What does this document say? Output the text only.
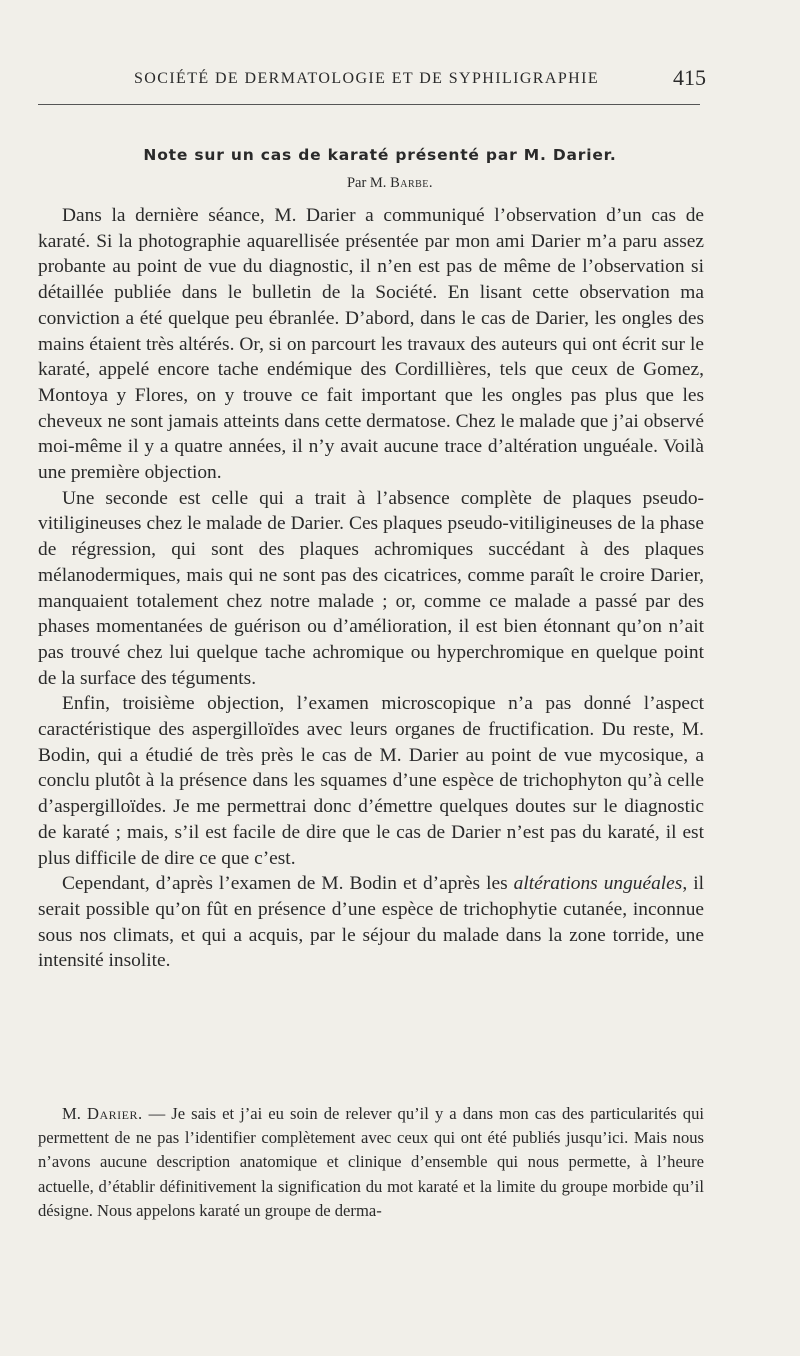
SOCIÉTÉ DE DERMATOLOGIE ET DE SYPHILIGRAPHIE	415
Note sur un cas de karaté présenté par M. Darier.
Par M. Barbe.

Dans la dernière séance, M. Darier a communiqué l’observation d’un cas de karaté. Si la photographie aquarellisée présentée par mon ami Darier m’a paru assez probante au point de vue du diagnostic, il n’en est pas de même de l’observation si détaillée publiée dans le bulletin de la Société. En lisant cette observation ma conviction a été quelque peu ébranlée. D’abord, dans le cas de Darier, les ongles des mains étaient très altérés. Or, si on parcourt les travaux des auteurs qui ont écrit sur le karaté, appelé encore tache endémique des Cordillières, tels que ceux de Gomez, Montoya y Flores, on y trouve ce fait important que les ongles pas plus que les cheveux ne sont jamais atteints dans cette dermatose. Chez le malade que j’ai observé moi-même il y a quatre années, il n’y avait aucune trace d’altération unguéale. Voilà une première objection.

Une seconde est celle qui a trait à l’absence complète de plaques pseudo-vitiligineuses chez le malade de Darier. Ces plaques pseudo-vitiligineuses de la phase de régression, qui sont des plaques achromiques succédant à des plaques mélanodermiques, mais qui ne sont pas des cicatrices, comme paraît le croire Darier, manquaient totalement chez notre malade ; or, comme ce malade a passé par des phases momentanées de guérison ou d’amélioration, il est bien étonnant qu’on n’ait pas trouvé chez lui quelque tache achromique ou hyperchromique en quelque point de la surface des téguments.

Enfin, troisième objection, l’examen microscopique n’a pas donné l’aspect caractéristique des aspergilloïdes avec leurs organes de fructification. Du reste, M. Bodin, qui a étudié de très près le cas de M. Darier au point de vue mycosique, a conclu plutôt à la présence dans les squames d’une espèce de trichophyton qu’à celle d’aspergilloïdes. Je me permettrai donc d’émettre quelques doutes sur le diagnostic de karaté ; mais, s’il est facile de dire que le cas de Darier n’est pas du karaté, il est plus difficile de dire ce que c’est.

Cependant, d’après l’examen de M. Bodin et d’après les altérations unguéales, il serait possible qu’on fût en présence d’une espèce de trichophytie cutanée, inconnue sous nos climats, et qui a acquis, par le séjour du malade dans la zone torride, une intensité insolite.

M. Darier. — Je sais et j’ai eu soin de relever qu’il y a dans mon cas des particularités qui permettent de ne pas l’identifier complètement avec ceux qui ont été publiés jusqu’ici. Mais nous n’avons aucune description anatomique et clinique d’ensemble qui nous permette, à l’heure actuelle, d’établir définitivement la signification du mot karaté et la limite du groupe morbide qu’il désigne. Nous appelons karaté un groupe de derma-
